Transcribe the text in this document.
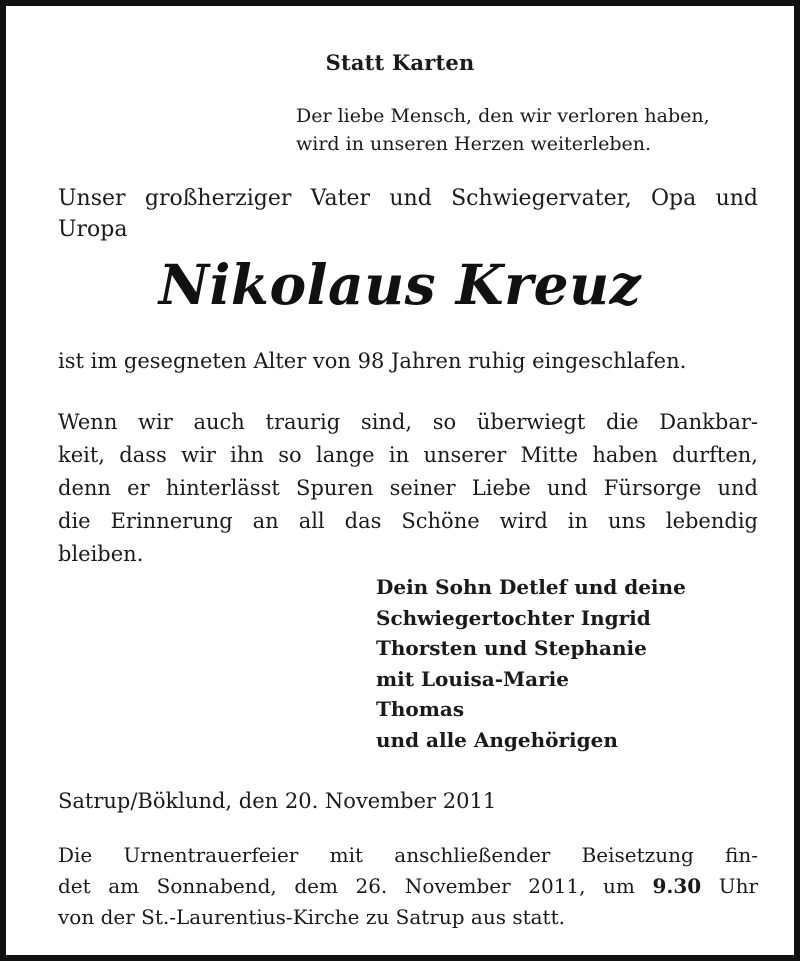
Statt Karten
Der liebe Mensch, den wir verloren haben,
wird in unseren Herzen weiterleben.
Unser großherziger Vater und Schwiegervater, Opa und
Uropa
Nikolaus Kreuz
ist im gesegneten Alter von 98 Jahren ruhig eingeschlafen.
Wenn wir auch traurig sind, so überwiegt die Dankbar-
keit, dass wir ihn so lange in unserer Mitte haben durften,
denn er hinterlässt Spuren seiner Liebe und Fürsorge und
die Erinnerung an all das Schöne wird in uns lebendig
bleiben.
Dein Sohn Detlef und deine
Schwiegertochter Ingrid
Thorsten und Stephanie
mit Louisa-Marie
Thomas
und alle Angehörigen
Satrup/Böklund, den 20. November 2011
Die Urnentrauerfeier mit anschließender Beisetzung fin-
det am Sonnabend, dem 26. November 2011, um 9.30 Uhr
von der St.-Laurentius-Kirche zu Satrup aus statt.
